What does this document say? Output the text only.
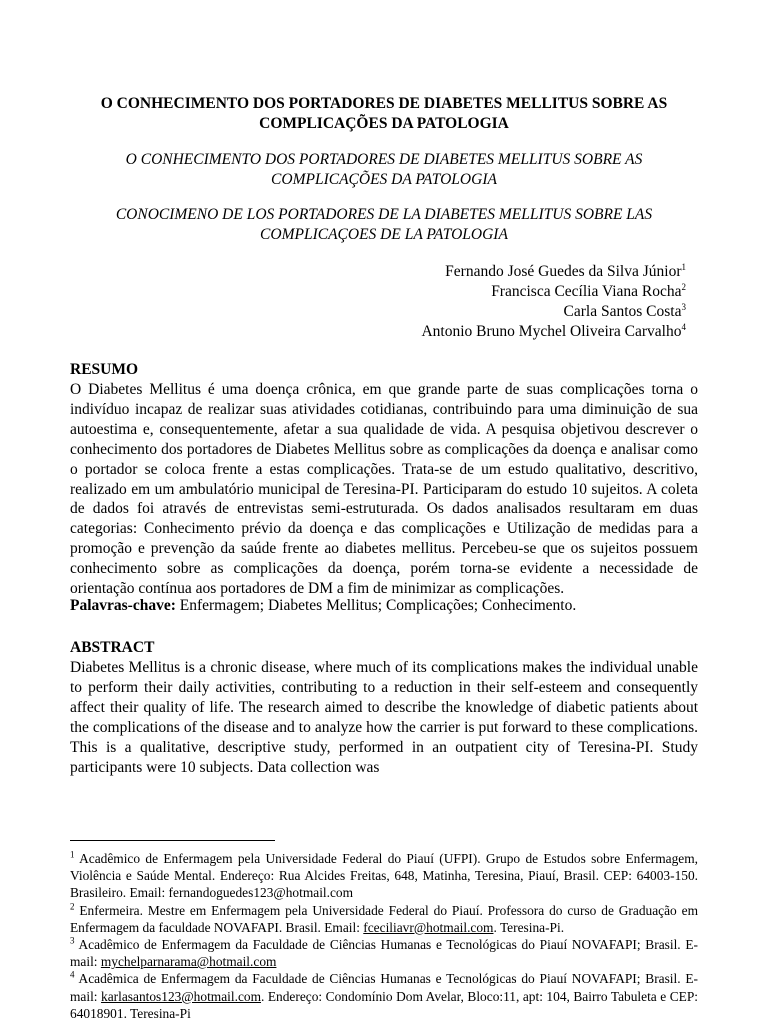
O CONHECIMENTO DOS PORTADORES DE DIABETES MELLITUS SOBRE AS COMPLICAÇÕES DA PATOLOGIA
O CONHECIMENTO DOS PORTADORES DE DIABETES MELLITUS SOBRE AS COMPLICAÇÕES DA PATOLOGIA
CONOCIMENO DE LOS PORTADORES DE LA DIABETES MELLITUS SOBRE LAS COMPLICAÇOES DE LA PATOLOGIA
Fernando José Guedes da Silva Júnior$^1$
Francisca Cecília Viana Rocha$^2$
Carla Santos Costa$^3$
Antonio Bruno Mychel Oliveira Carvalho$^4$

RESUMO

O Diabetes Mellitus é uma doença crônica, em que grande parte de suas complicações torna o indivíduo incapaz de realizar suas atividades cotidianas, contribuindo para uma diminuição de sua autoestima e, consequentemente, afetar a sua qualidade de vida. A pesquisa objetivou descrever o conhecimento dos portadores de Diabetes Mellitus sobre as complicações da doença e analisar como o portador se coloca frente a estas complicações. Trata-se de um estudo qualitativo, descritivo, realizado em um ambulatório municipal de Teresina-PI. Participaram do estudo 10 sujeitos. A coleta de dados foi através de entrevistas semi-estruturada. Os dados analisados resultaram em duas categorias: Conhecimento prévio da doença e das complicações e Utilização de medidas para a promoção e prevenção da saúde frente ao diabetes mellitus. Percebeu-se que os sujeitos possuem conhecimento sobre as complicações da doença, porém torna-se evidente a necessidade de orientação contínua aos portadores de DM a fim de minimizar as complicações.

Palavras-chave: Enfermagem; Diabetes Mellitus; Complicações; Conhecimento.

ABSTRACT

Diabetes Mellitus is a chronic disease, where much of its complications makes the individual unable to perform their daily activities, contributing to a reduction in their self-esteem and consequently affect their quality of life. The research aimed to describe the knowledge of diabetic patients about the complications of the disease and to analyze how the carrier is put forward to these complications. This is a qualitative, descriptive study, performed in an outpatient city of Teresina-PI. Study participants were 10 subjects. Data collection was

$^1$ Acadêmico de Enfermagem pela Universidade Federal do Piauí (UFPI). Grupo de Estudos sobre Enfermagem, Violência e Saúde Mental. Endereço: Rua Alcides Freitas, 648, Matinha, Teresina, Piauí, Brasil. CEP: 64003-150. Brasileiro. Email: fernandoguedes123@hotmail.com

$^2$ Enfermeira. Mestre em Enfermagem pela Universidade Federal do Piauí. Professora do curso de Graduação em Enfermagem da faculdade NOVAFAPI. Brasil. Email: fceciliavr@hotmail.com. Teresina-Pi.

$^3$ Acadêmico de Enfermagem da Faculdade de Ciências Humanas e Tecnológicas do Piauí NOVAFAPI; Brasil. E-mail: mychelparnarama@hotmail.com

$^4$ Acadêmica de Enfermagem da Faculdade de Ciências Humanas e Tecnológicas do Piauí NOVAFAPI; Brasil. E-mail: karlasantos123@hotmail.com. Endereço: Condomínio Dom Avelar, Bloco:11, apt: 104, Bairro Tabuleta e CEP: 64018901. Teresina-Pi
